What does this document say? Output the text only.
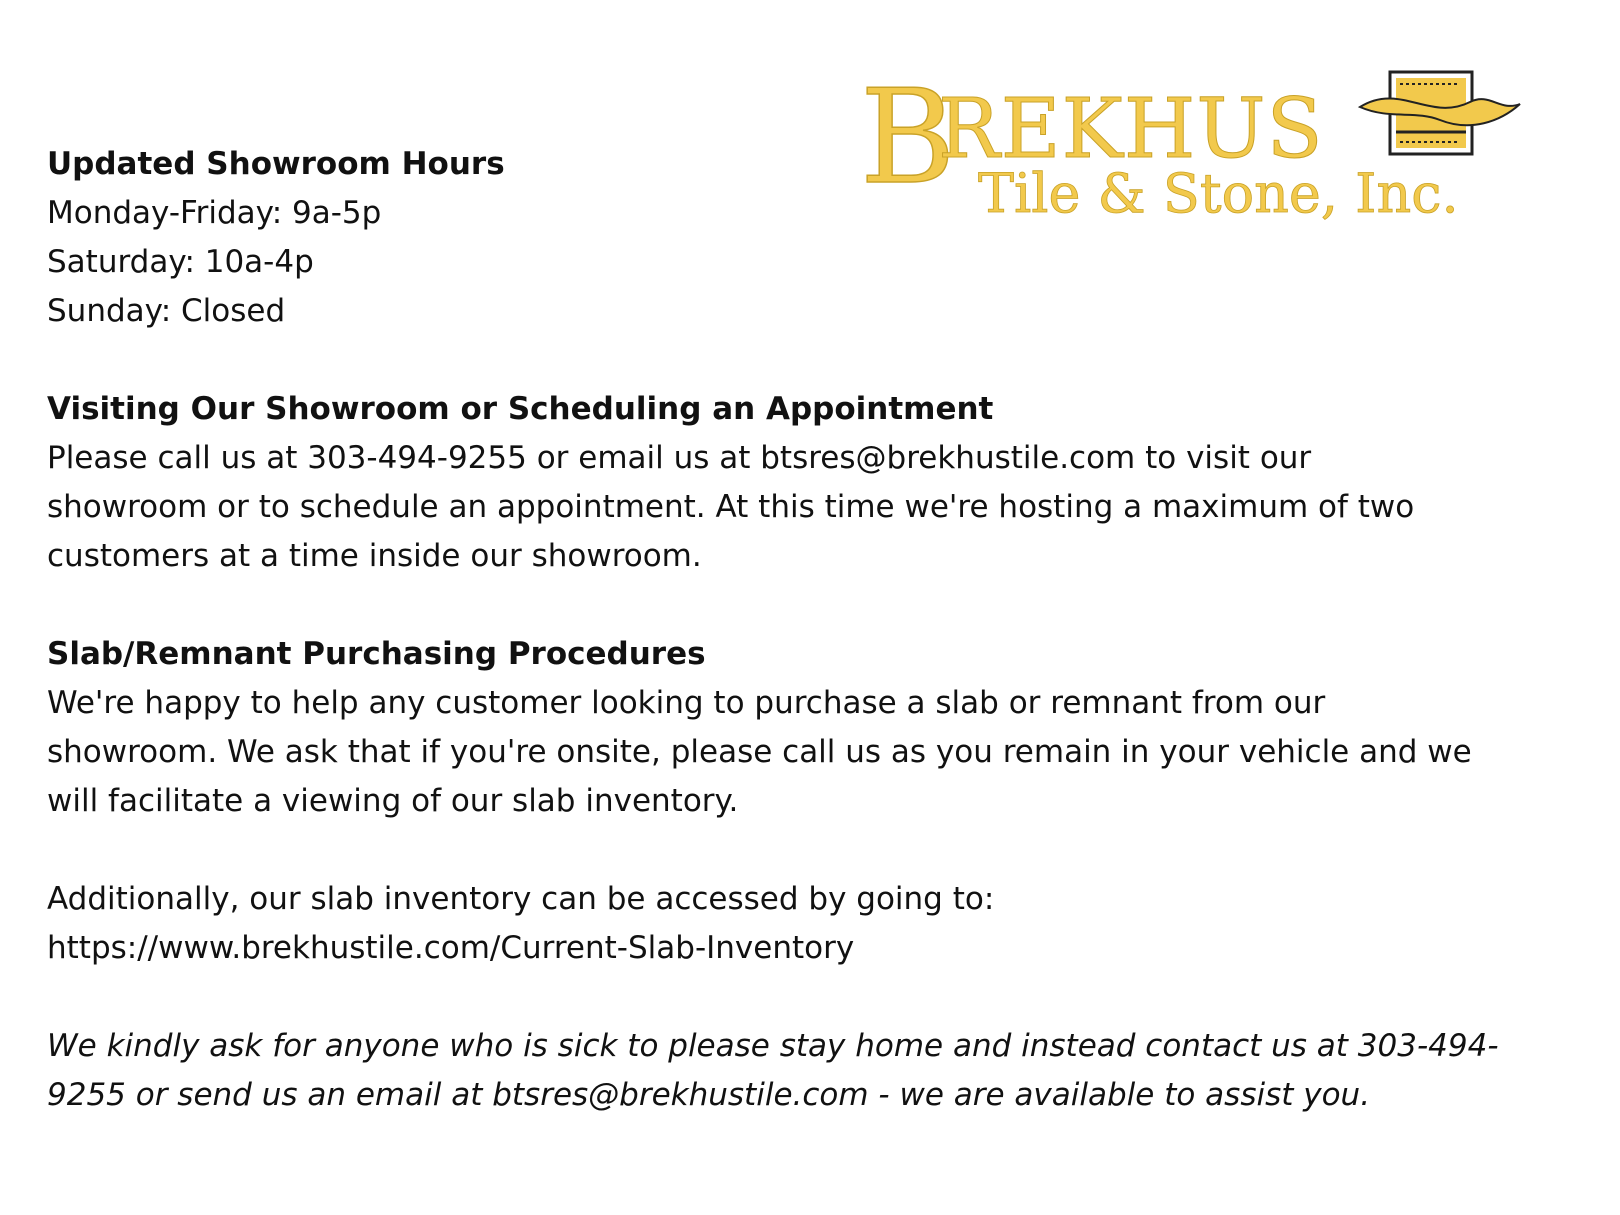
B
REKHUS
Tile & Stone, Inc.
Updated Showroom Hours
Monday-Friday: 9a-5p
Saturday: 10a-4p
Sunday: Closed
Visiting Our Showroom or Scheduling an Appointment
Please call us at 303-494-9255 or email us at btsres@brekhustile.com to visit our
showroom or to schedule an appointment. At this time we're hosting a maximum of two
customers at a time inside our showroom.
Slab/Remnant Purchasing Procedures
We're happy to help any customer looking to purchase a slab or remnant from our
showroom. We ask that if you're onsite, please call us as you remain in your vehicle and we
will facilitate a viewing of our slab inventory.
Additionally, our slab inventory can be accessed by going to:
https://www.brekhustile.com/Current-Slab-Inventory
We kindly ask for anyone who is sick to please stay home and instead contact us at 303-494-
9255 or send us an email at btsres@brekhustile.com - we are available to assist you.
